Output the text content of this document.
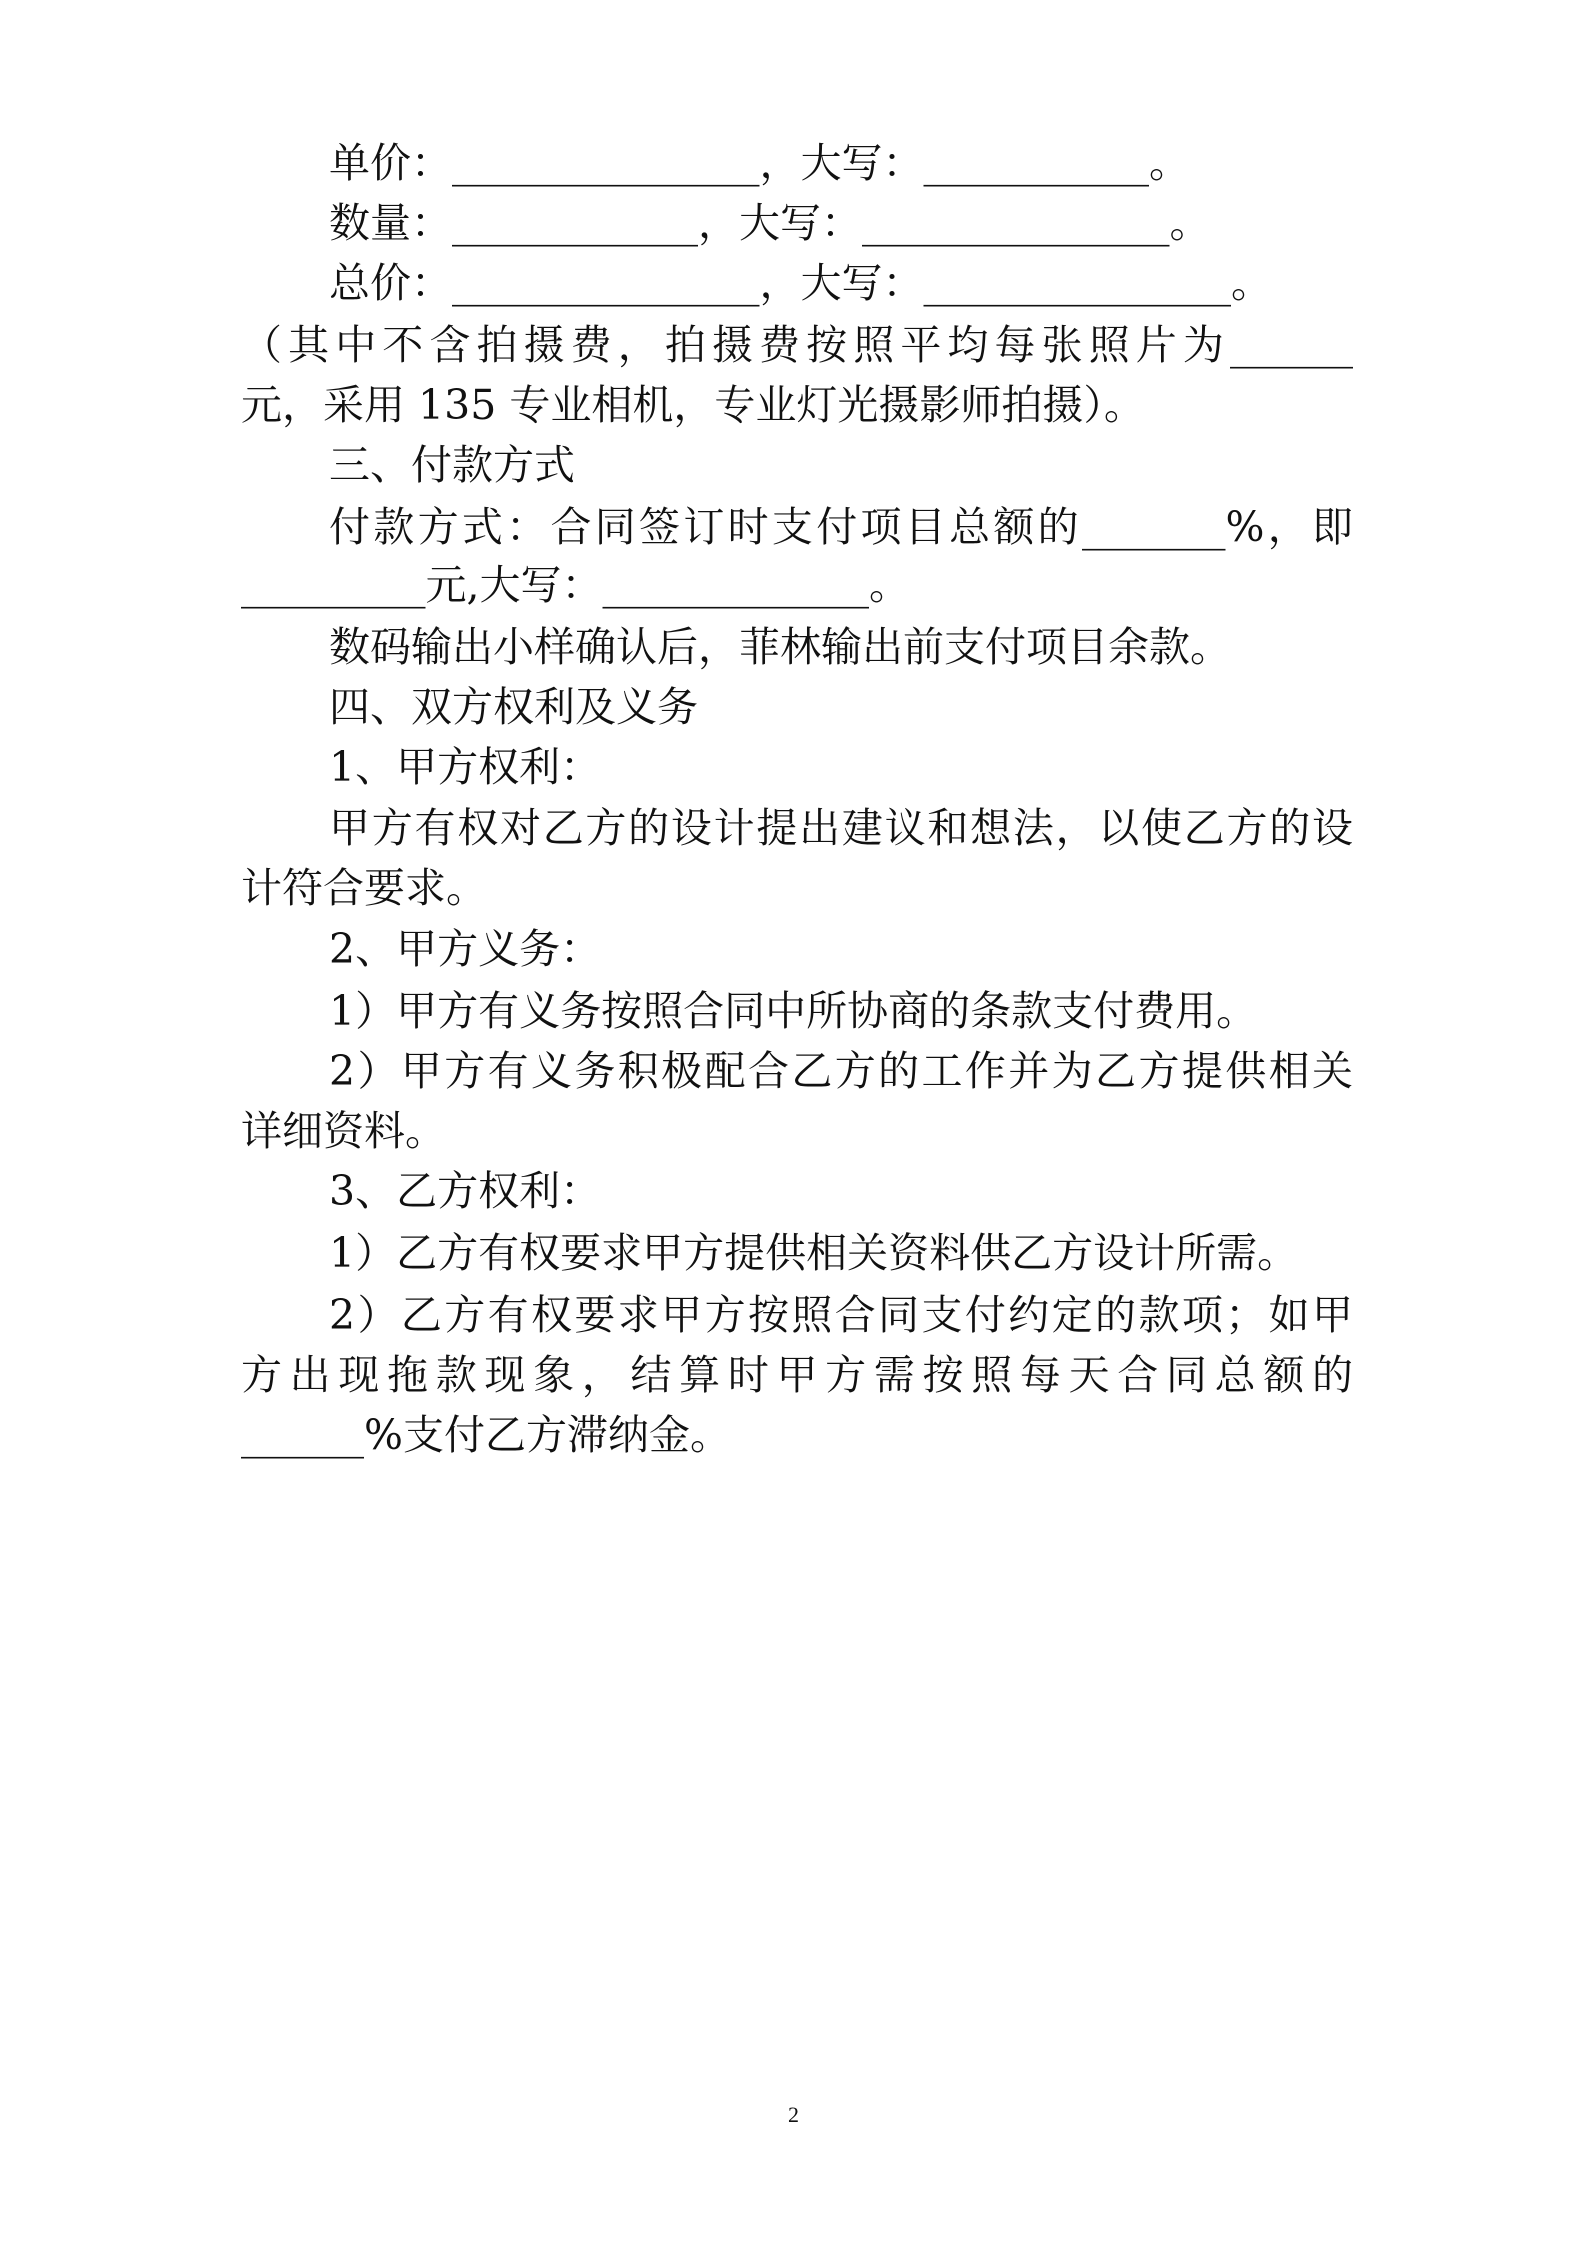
单价：_______________，大写：___________。
数量：____________，大写：_______________。
总价：_______________，大写：_______________。
（其中不含拍摄费，拍摄费按照平均每张照片为______
元，采用 135 专业相机，专业灯光摄影师拍摄）。
三、付款方式
付款方式：合同签订时支付项目总额的_______%，即
_________元,大写：_____________。
数码输出小样确认后，菲林输出前支付项目余款。
四、双方权利及义务
1、甲方权利：
甲方有权对乙方的设计提出建议和想法，以使乙方的设
计符合要求。
2、甲方义务：
1）甲方有义务按照合同中所协商的条款支付费用。
2）甲方有义务积极配合乙方的工作并为乙方提供相关
详细资料。
3、乙方权利：
1）乙方有权要求甲方提供相关资料供乙方设计所需。
2）乙方有权要求甲方按照合同支付约定的款项；如甲
方出现拖款现象，结算时甲方需按照每天合同总额的
______%支付乙方滞纳金。
2
